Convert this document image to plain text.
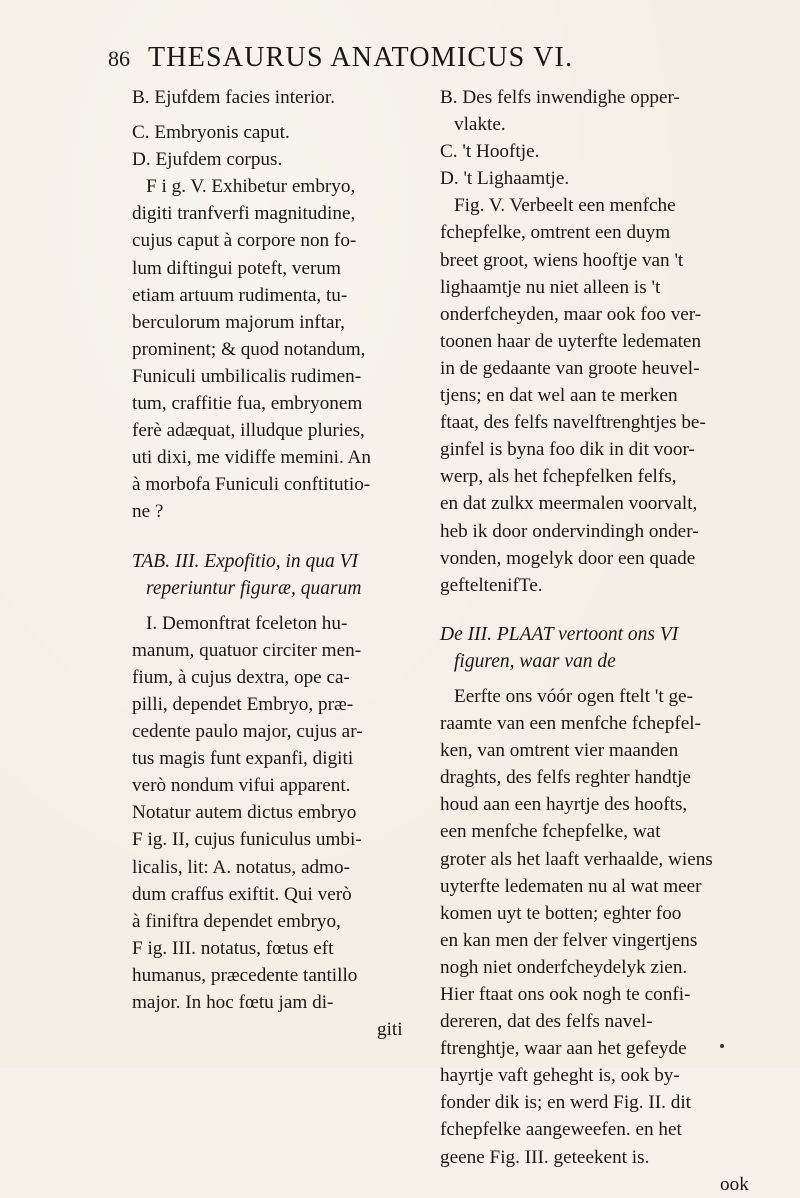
86 THESAURUS ANATOMICUS VI.
B. Ejufdem facies interior.
C. Embryonis caput.
D. Ejufdem corpus.
F i g. V. Exhibetur embryo,
digiti tranfverfi magnitudine,
cujus caput à corpore non fo-
lum diftingui poteft, verum
etiam artuum rudimenta, tu-
berculorum majorum inftar,
prominent; & quod notandum,
Funiculi umbilicalis rudimen-
tum, craffitie fua, embryonem
ferè adæquat, illudque pluries,
uti dixi, me vidiffe memini. An
à morbofa Funiculi conftitutio-
ne ?
TAB. III. Expofitio, in qua VI
reperiuntur figuræ, quarum
I. Demonftrat fceleton hu-
manum, quatuor circiter men-
fium, à cujus dextra, ope ca-
pilli, dependet Embryo, præ-
cedente paulo major, cujus ar-
tus magis funt expanfi, digiti
verò nondum vifui apparent.
Notatur autem dictus embryo
F ig. II, cujus funiculus umbi-
licalis, lit: A. notatus, admo-
dum craffus exiftit. Qui verò
à finiftra dependet embryo,
F ig. III. notatus, fœtus eft
humanus, præcedente tantillo
major. In hoc fœtu jam di-
giti
B. Des felfs inwendighe opper-
vlakte.
C. 't Hooftje.
D. 't Lighaamtje.
Fig. V. Verbeelt een menfche
fchepfelke, omtrent een duym
breet groot, wiens hooftje van 't
lighaamtje nu niet alleen is 't
onderfcheyden, maar ook foo ver-
toonen haar de uyterfte ledematen
in de gedaante van groote heuvel-
tjens; en dat wel aan te merken
ftaat, des felfs navelftrenghtjes be-
ginfel is byna foo dik in dit voor-
werp, als het fchepfelken felfs,
en dat zulkx meermalen voorvalt,
heb ik door ondervindingh onder-
vonden, mogelyk door een quade
gefteltenifTe.
De III. PLAAT vertoont ons VI
figuren, waar van de
Eerfte ons vóór ogen ftelt 't ge-
raamte van een menfche fchepfel-
ken, van omtrent vier maanden
draghts, des felfs reghter handtje
houd aan een hayrtje des hoofts,
een menfche fchepfelke, wat
groter als het laaft verhaalde, wiens
uyterfte ledematen nu al wat meer
komen uyt te botten; eghter foo
en kan men der felver vingertjens
nogh niet onderfcheydelyk zien.
Hier ftaat ons ook nogh te confi-
dereren, dat des felfs navel-
ftrenghtje, waar aan het gefeyde
hayrtje vaft geheght is, ook by-
fonder dik is; en werd Fig. II. dit
fchepfelke aangeweefen. en het
geene Fig. III. geteekent is.
ook
